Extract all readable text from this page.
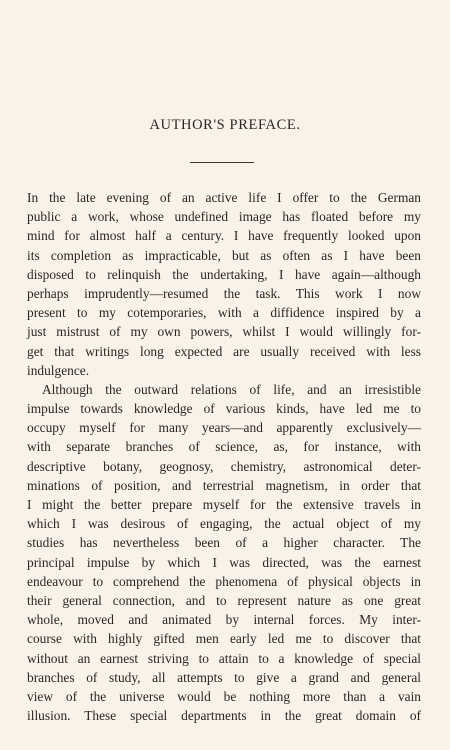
AUTHOR'S PREFACE.
In the late evening of an active life I offer to the German
public a work, whose undefined image has floated before my
mind for almost half a century. I have frequently looked upon
its completion as impracticable, but as often as I have been
disposed to relinquish the undertaking, I have again—although
perhaps imprudently—resumed the task. This work I now
present to my cotemporaries, with a diffidence inspired by a
just mistrust of my own powers, whilst I would willingly for-
get that writings long expected are usually received with less
indulgence.
Although the outward relations of life, and an irresistible
impulse towards knowledge of various kinds, have led me to
occupy myself for many years—and apparently exclusively—
with separate branches of science, as, for instance, with
descriptive botany, geognosy, chemistry, astronomical deter-
minations of position, and terrestrial magnetism, in order that
I might the better prepare myself for the extensive travels in
which I was desirous of engaging, the actual object of my
studies has nevertheless been of a higher character. The
principal impulse by which I was directed, was the earnest
endeavour to comprehend the phenomena of physical objects in
their general connection, and to represent nature as one great
whole, moved and animated by internal forces. My inter-
course with highly gifted men early led me to discover that
without an earnest striving to attain to a knowledge of special
branches of study, all attempts to give a grand and general
view of the universe would be nothing more than a vain
illusion. These special departments in the great domain of
